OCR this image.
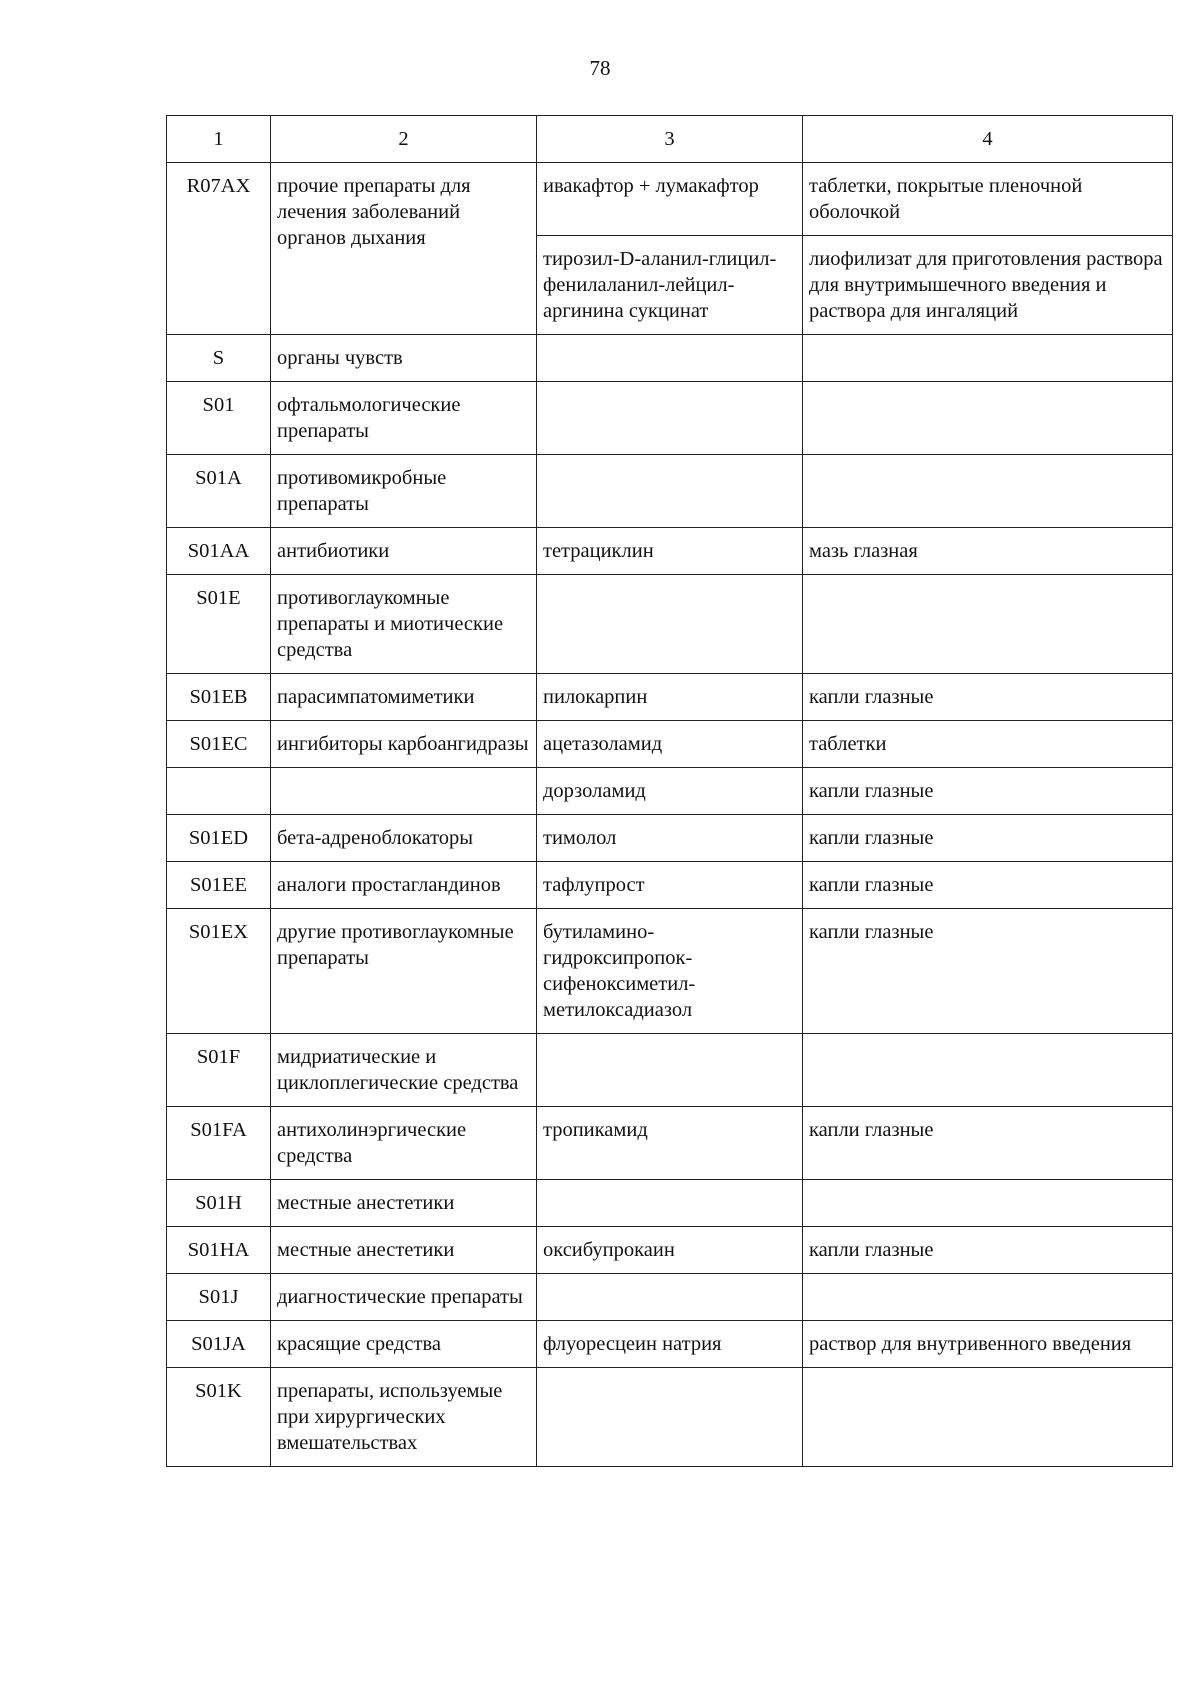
78
1	2	3	4
R07AX	прочие препараты для лечения заболеваний органов дыхания	ивакафтор + лумакафтор	таблетки, покрытые пленочной оболочкой
		тирозил-D-аланил-глицил-фенилаланил-лейцил-аргинина сукцинат	лиофилизат для приготовления раствора для внутримышечного введения и раствора для ингаляций
S	органы чувств		
S01	офтальмологические препараты		
S01A	противомикробные препараты		
S01AA	антибиотики	тетрациклин	мазь глазная
S01E	противоглаукомные препараты и миотические средства		
S01EB	парасимпатомиметики	пилокарпин	капли глазные
S01EC	ингибиторы карбоангидразы	ацетазоламид	таблетки
		дорзоламид	капли глазные
S01ED	бета-адреноблокаторы	тимолол	капли глазные
S01EE	аналоги простагландинов	тафлупрост	капли глазные
S01EX	другие противоглаукомные препараты	бутиламино-гидроксипропок-сифеноксиметил-метилоксадиазол	капли глазные
S01F	мидриатические и циклоплегические средства		
S01FA	антихолинэргические средства	тропикамид	капли глазные
S01H	местные анестетики		
S01HA	местные анестетики	оксибупрокаин	капли глазные
S01J	диагностические препараты		
S01JA	красящие средства	флуоресцеин натрия	раствор для внутривенного введения
S01K	препараты, используемые при хирургических вмешательствах		
